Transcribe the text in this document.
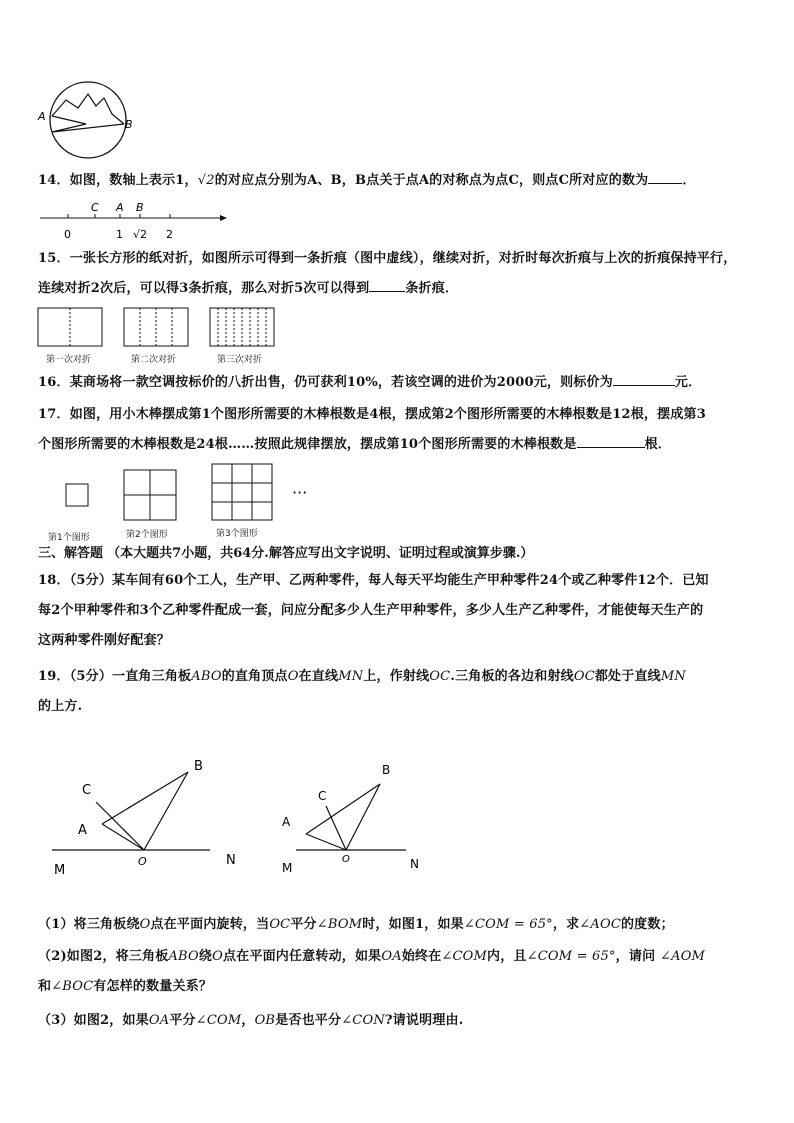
A
B
14．如图，数轴上表示1，√2的对应点分别为A、B，B点关于点A的对称点为点C，则点C所对应的数为	．
C A B
0	1 √2 2
15．一张长方形的纸对折，如图所示可得到一条折痕（图中虚线），继续对折，对折时每次折痕与上次的折痕保持平行，
连续对折2次后，可以得3条折痕，那么对折5次可以得到	条折痕．
第一次对折	第二次对折	第三次对折
16．某商场将一款空调按标价的八折出售，仍可获利10%，若该空调的进价为2000元，则标价为	元．
17．如图，用小木棒摆成第1个图形所需要的木棒根数是4根，摆成第2个图形所需要的木棒根数是12根，摆成第3
个图形所需要的木棒根数是24根……按照此规律摆放，摆成第10个图形所需要的木棒根数是	根．
···
第1个图形	第2个图形	第3个图形
三、解答题 （本大题共7小题，共64分.解答应写出文字说明、证明过程或演算步骤.）
18．（5分）某车间有60个工人，生产甲、乙两种零件，每人每天平均能生产甲种零件24个或乙种零件12个．已知
每2个甲种零件和3个乙种零件配成一套，问应分配多少人生产甲种零件，多少人生产乙种零件，才能使每天生产的
这两种零件刚好配套？
19．（5分）一直角三角板ABO的直角顶点O在直线MN上，作射线OC.三角板的各边和射线OC都处于直线MN
的上方.
B
C
A
O
M
N
B
C
A
O
M	N
（1）将三角板绕O点在平面内旋转，当OC平分∠BOM时，如图1，如果∠COM = 65°，求∠AOC的度数；
（2)如图2，将三角板ABO绕O点在平面内任意转动，如果OA始终在∠COM内，且∠COM = 65°，请问 ∠AOM
和∠BOC有怎样的数量关系？
（3）如图2，如果OA平分∠COM，OB是否也平分∠CON?请说明理由.
